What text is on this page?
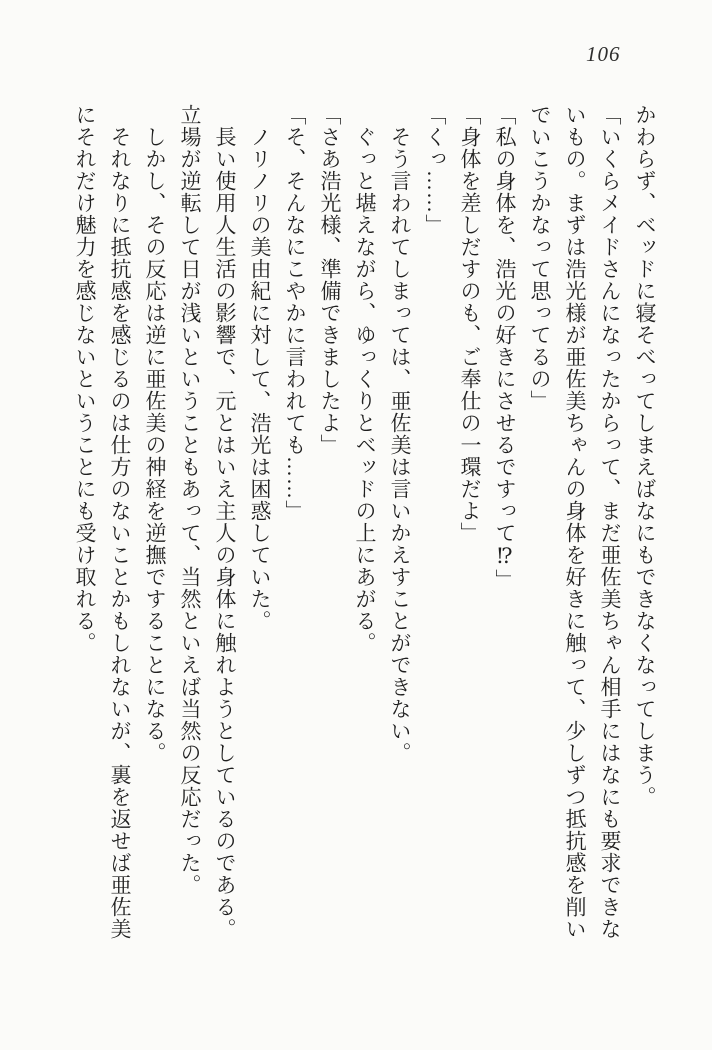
106
かわらず、ベッドに寝そべってしまえばなにもできなくなってしまう。
「いくらメイドさんになったからって、まだ亜佐美ちゃん相手にはなにも要求できな
いもの。まずは浩光様が亜佐美ちゃんの身体を好きに触って、少しずつ抵抗感を削い
でいこうかなって思ってるの」
「私の身体を、浩光の好きにさせるですって⁉」
「身体を差しだすのも、ご奉仕の一環だよ」
「くっ……」
そう言われてしまっては、亜佐美は言いかえすことができない。
ぐっと堪えながら、ゆっくりとベッドの上にあがる。
「さあ浩光様、準備できましたよ」
「そ、そんなにこやかに言われても……」
ノリノリの美由紀に対して、浩光は困惑していた。
長い使用人生活の影響で、元とはいえ主人の身体に触れようとしているのである。
立場が逆転して日が浅いということもあって、当然といえば当然の反応だった。
しかし、その反応は逆に亜佐美の神経を逆撫ですることになる。
それなりに抵抗感を感じるのは仕方のないことかもしれないが、裏を返せば亜佐美
にそれだけ魅力を感じないということにも受け取れる。
